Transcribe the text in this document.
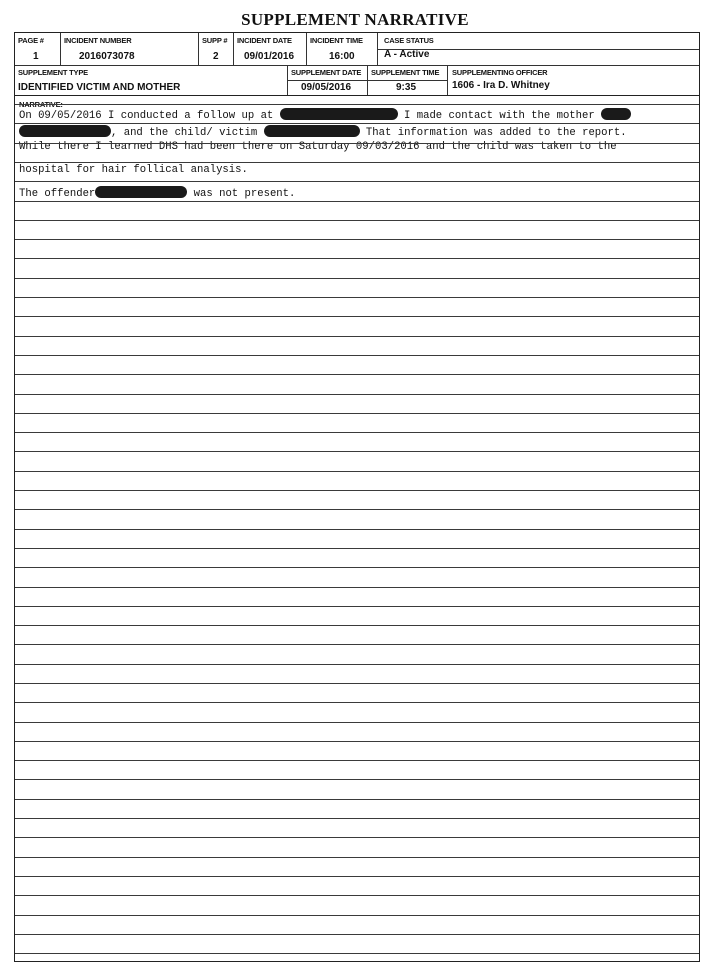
SUPPLEMENT NARRATIVE
PAGE #
1
INCIDENT NUMBER
2016073078
SUPP #
2
INCIDENT DATE
09/01/2016
INCIDENT TIME
16:00
CASE STATUS
A - Active
SUPPLEMENT TYPE
IDENTIFIED VICTIM AND MOTHER
SUPPLEMENT DATE
09/05/2016
SUPPLEMENT TIME
9:35
SUPPLEMENTING OFFICER
1606 - Ira D. Whitney
NARRATIVE:
On 09/05/2016 I conducted a follow up at	I made contact with the mother
, and the child/ victim	That information was added to the report.
While there I learned DHS had been there on Saturday 09/03/2016 and the child was taken to the
hospital for hair follical analysis.
The offender	was not present.
